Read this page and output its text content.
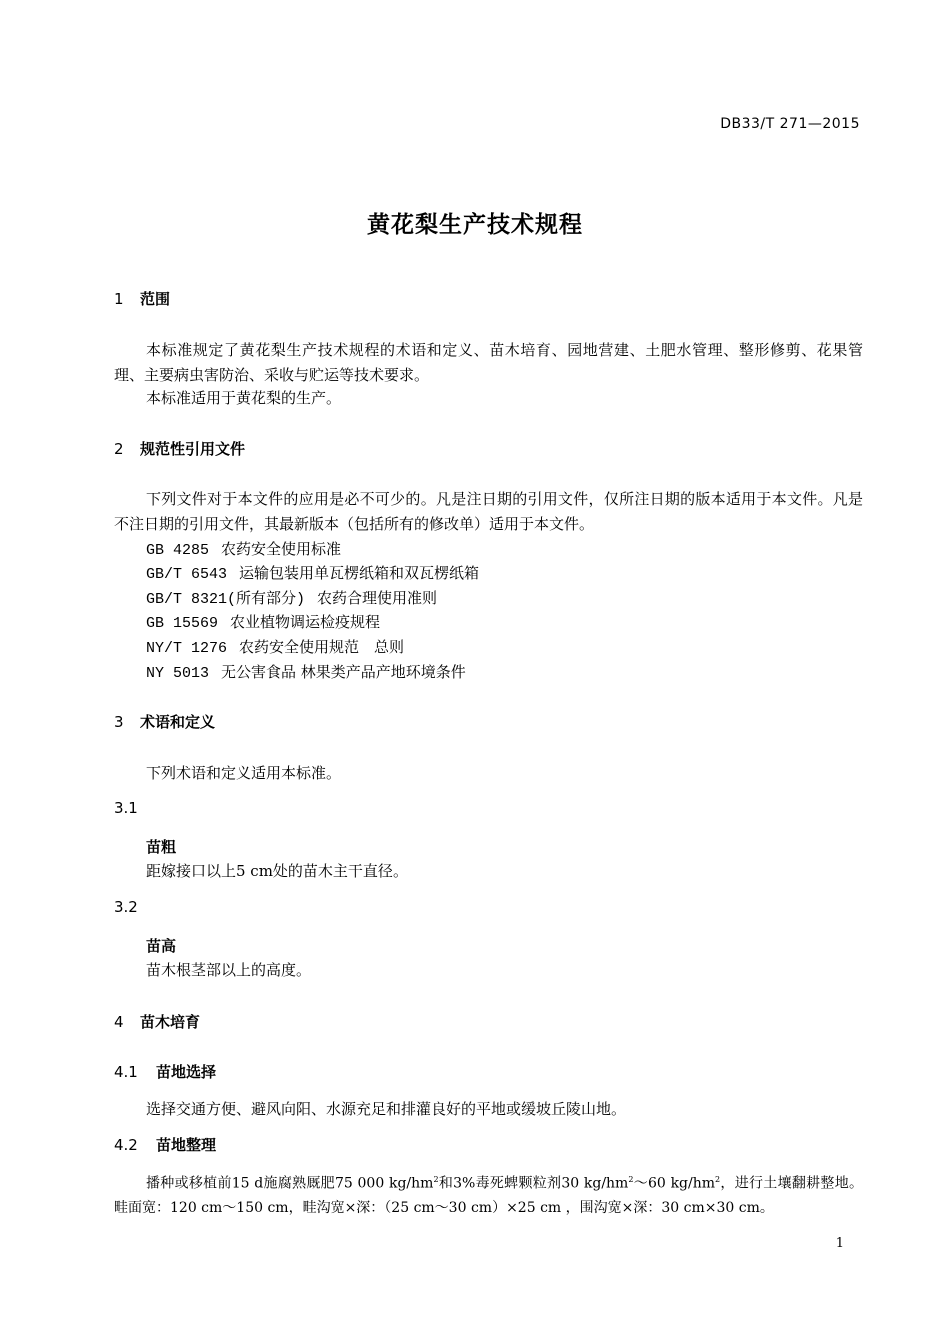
DB33/T 271—2015
黄花梨生产技术规程
1 范围

本标准规定了黄花梨生产技术规程的术语和定义、苗木培育、园地营建、土肥水管理、整形修剪、花果管理、主要病虫害防治、采收与贮运等技术要求。

本标准适用于黄花梨的生产。

2 规范性引用文件

下列文件对于本文件的应用是必不可少的。凡是注日期的引用文件，仅所注日期的版本适用于本文件。凡是不注日期的引用文件，其最新版本（包括所有的修改单）适用于本文件。

GB 4285 农药安全使用标准
GB/T 6543 运输包装用单瓦楞纸箱和双瓦楞纸箱
GB/T 8321(所有部分) 农药合理使用准则
GB 15569 农业植物调运检疫规程
NY/T 1276 农药安全使用规范　总则
NY 5013 无公害食品 林果类产品产地环境条件
3 术语和定义

下列术语和定义适用本标准。

3.1
苗粗
距嫁接口以上5 cm处的苗木主干直径。
3.2
苗高
苗木根茎部以上的高度。
4 苗木培育
4.1 苗地选择

选择交通方便、避风向阳、水源充足和排灌良好的平地或缓坡丘陵山地。

4.2 苗地整理

播种或移植前15 d施腐熟厩肥75 000 $kg/hm^2$和3%毒死蜱颗粒剂30 $kg/hm^2\sim 60$ $kg/hm^2$，进行土壤翻耕整地。畦面宽：120 cm～150 cm，畦沟宽×深：（25 cm～30 cm）×25 cm ，围沟宽×深：30 cm×30 cm。

1
